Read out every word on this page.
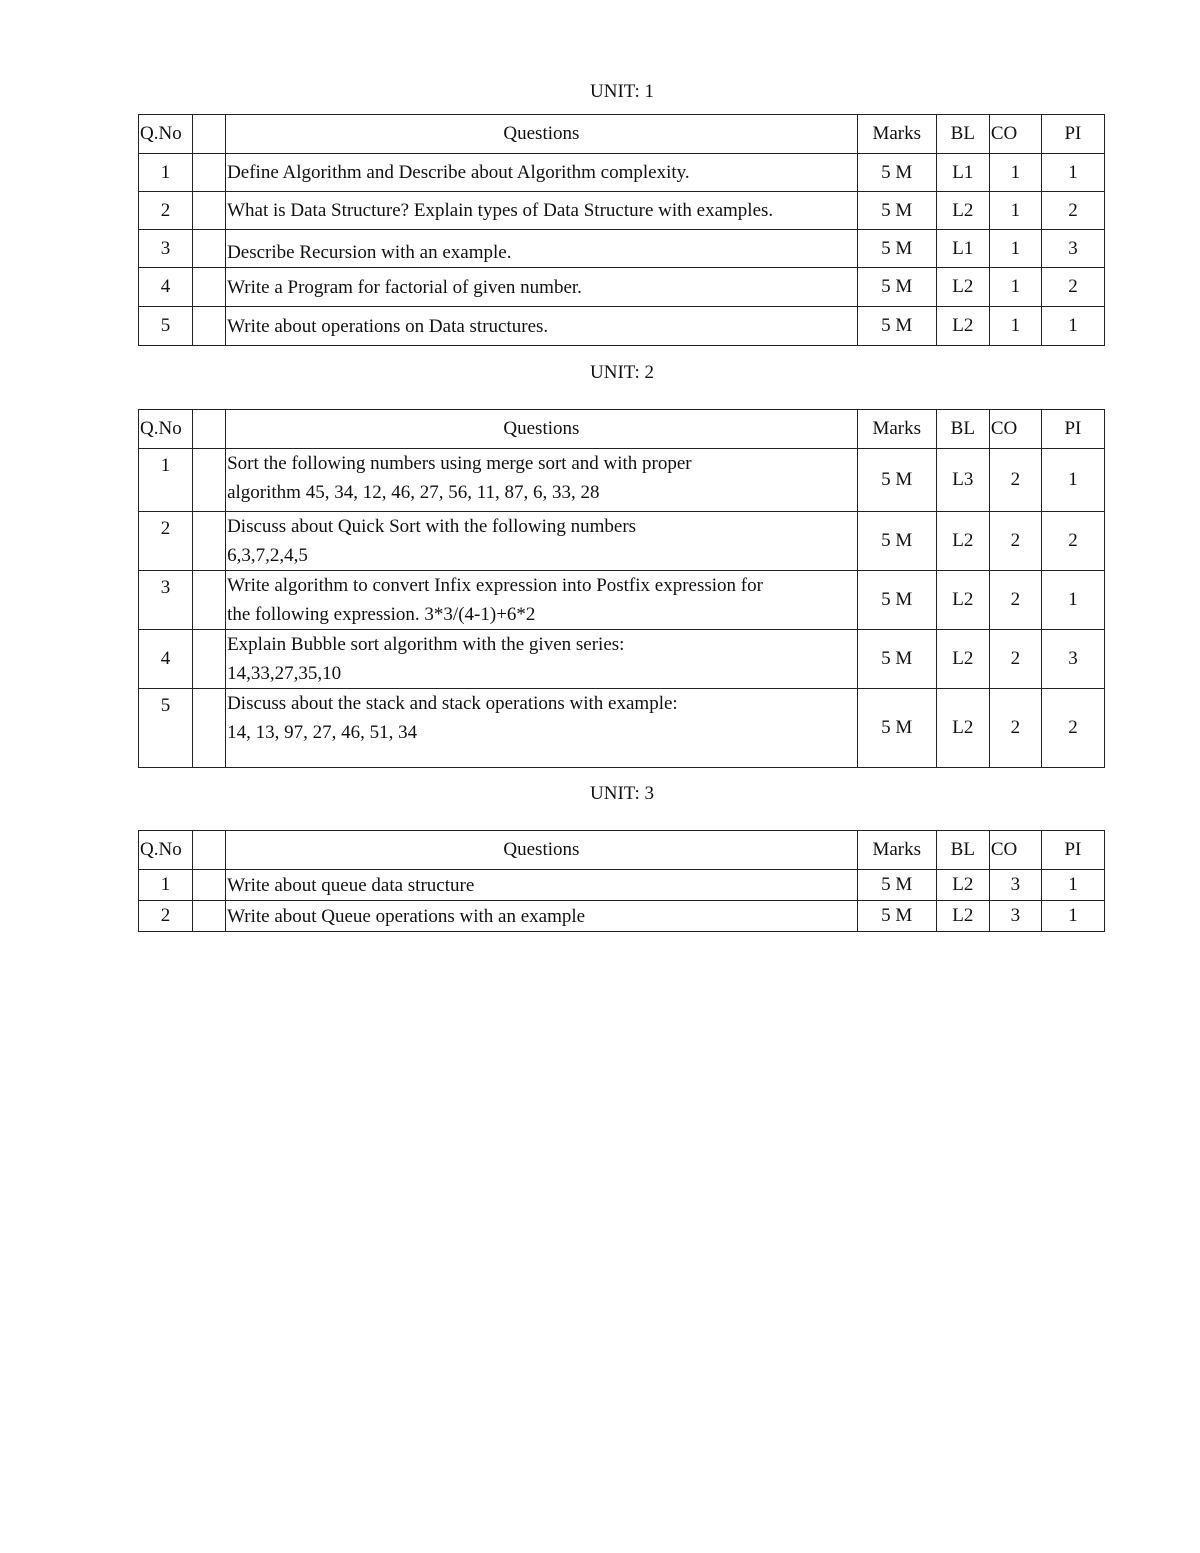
UNIT: 1
Q.No		Questions	Marks	BL	CO	PI
1		Define Algorithm and Describe about Algorithm complexity.	5 M	L1	1	1
2		What is Data Structure? Explain types of Data Structure with examples.	5 M	L2	1	2
3		Describe Recursion with an example.	5 M	L1	1	3
4		Write a Program for factorial of given number.	5 M	L2	1	2
5		Write about operations on Data structures.	5 M	L2	1	1
UNIT: 2
Q.No		Questions	Marks	BL	CO	PI
1		Sort the following numbers using merge sort and with proper
algorithm 45, 34, 12, 46, 27, 56, 11, 87, 6, 33, 28	5 M	L3	2	1
2		Discuss about Quick Sort with the following numbers
6,3,7,2,4,5	5 M	L2	2	2
3		Write algorithm to convert Infix expression into Postfix expression for
the following expression. 3*3/(4-1)+6*2	5 M	L2	2	1
4		Explain Bubble sort algorithm with the given series:
14,33,27,35,10	5 M	L2	2	3
5		Discuss about the stack and stack operations with example:
14, 13, 97, 27, 46, 51, 34	5 M	L2	2	2
UNIT: 3
Q.No		Questions	Marks	BL	CO	PI
1		Write about queue data structure	5 M	L2	3	1
2		Write about Queue operations with an example	5 M	L2	3	1
